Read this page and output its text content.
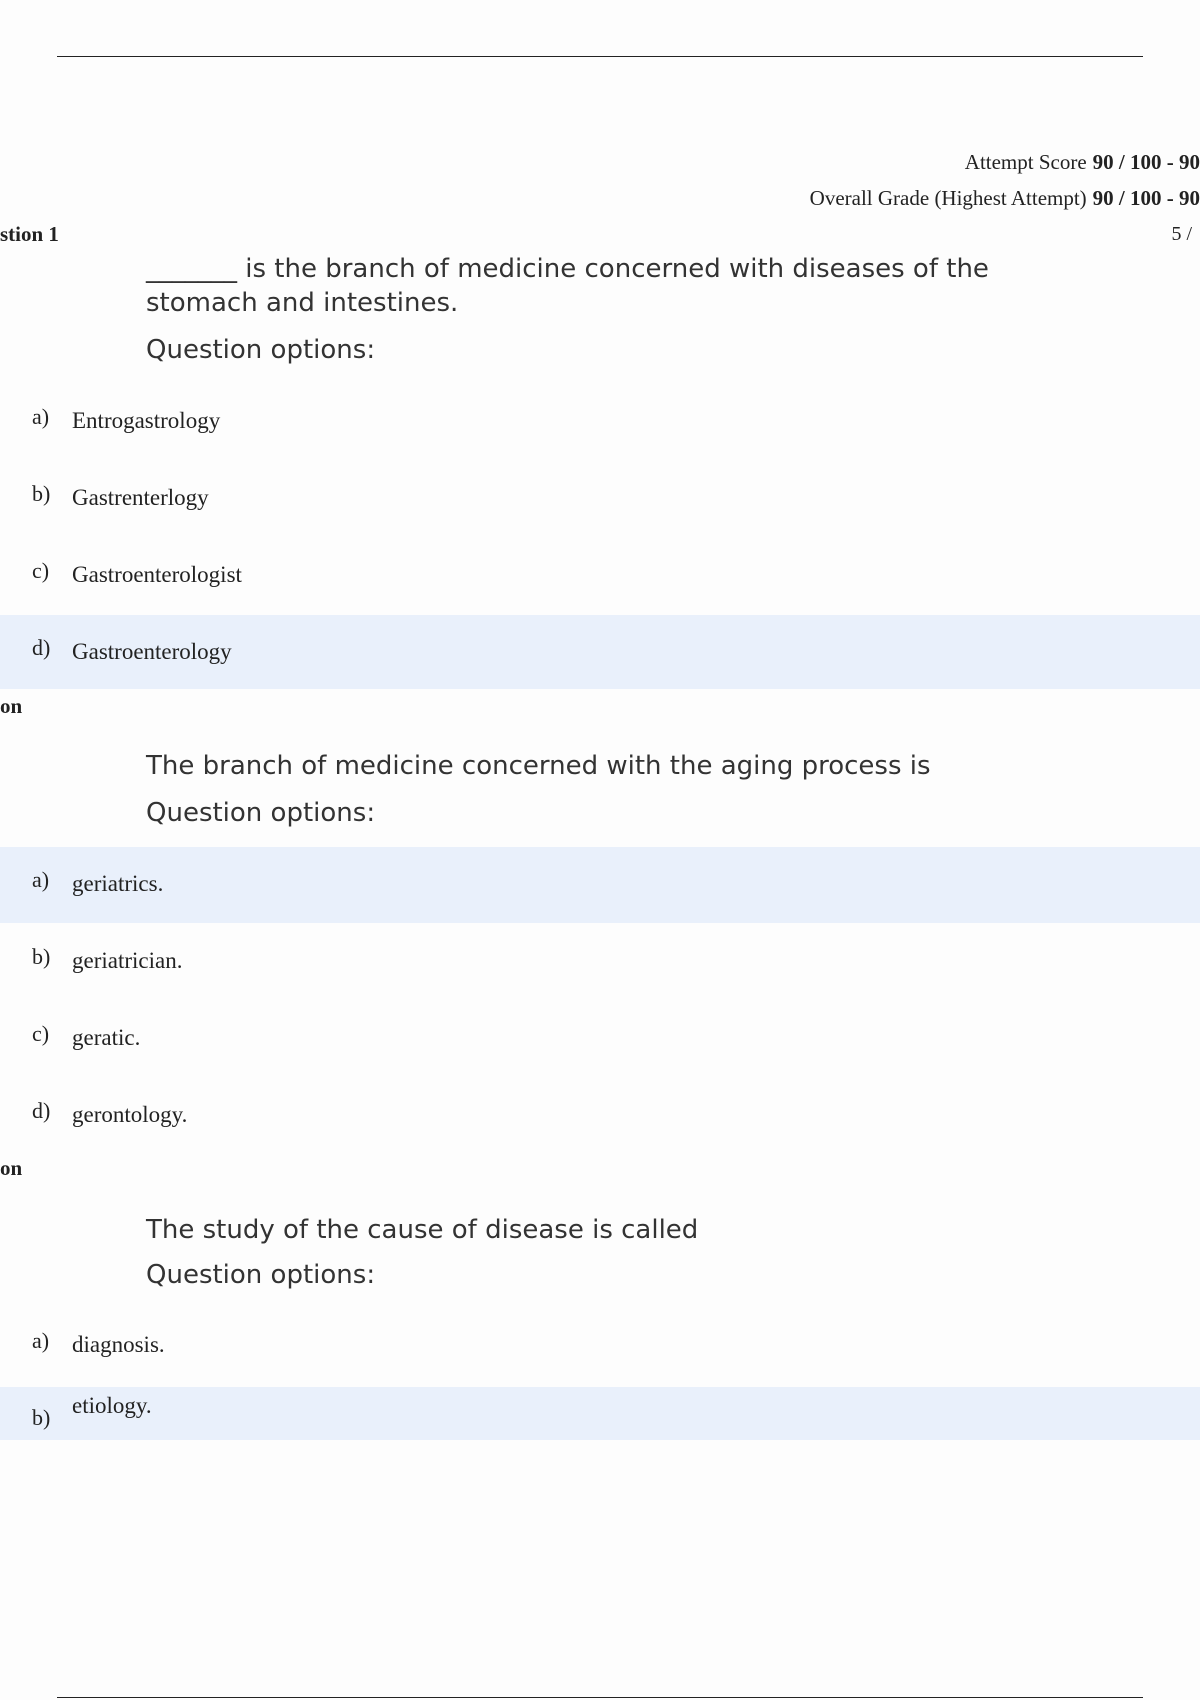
Attempt Score 90 / 100 - 90
Overall Grade (Highest Attempt) 90 / 100 - 90
stion 1	5 /
_______ is the branch of medicine concerned with diseases of the
stomach and intestines.
Question options:
a) Entrogastrology
b) Gastrenterlogy
c) Gastroenterologist
d) Gastroenterology
on
The branch of medicine concerned with the aging process is
Question options:
a) geriatrics.
b) geriatrician.
c) geratic.
d) gerontology.
on
The study of the cause of disease is called
Question options:
a) diagnosis.
b) etiology.
